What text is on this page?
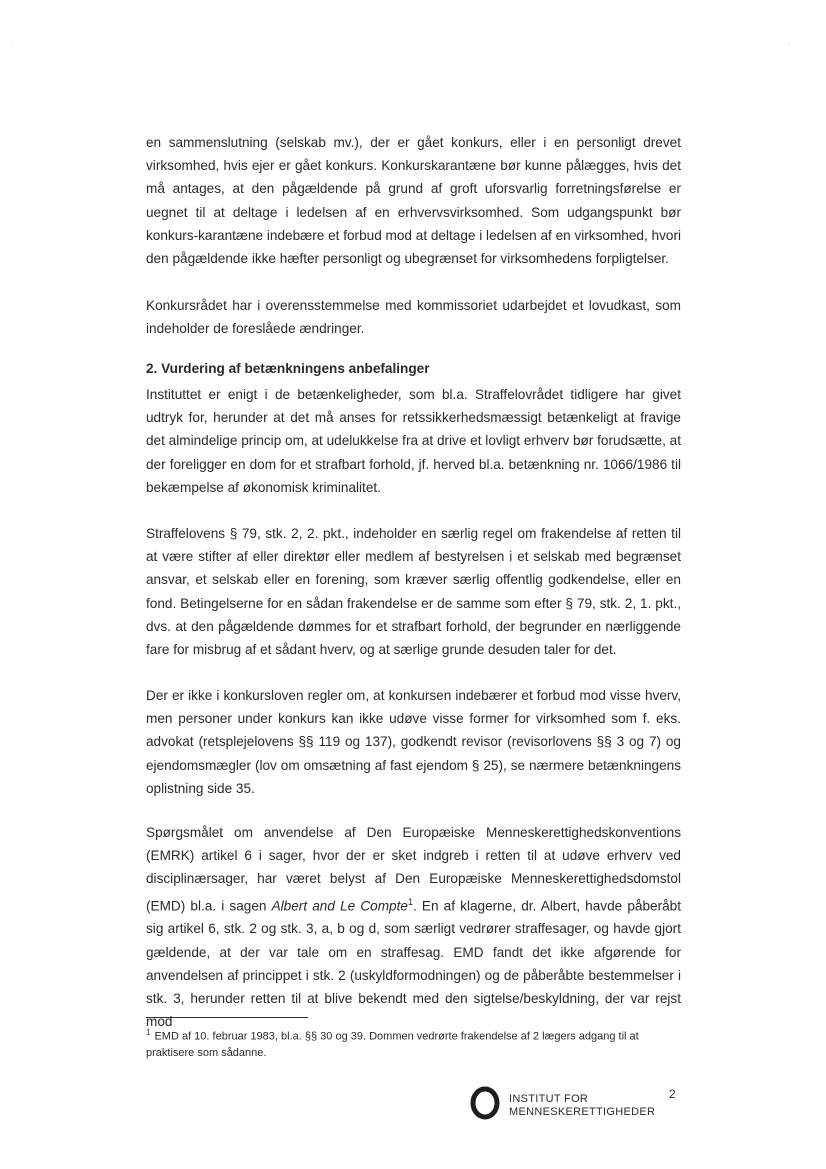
en sammenslutning (selskab mv.), der er gået konkurs, eller i en personligt drevet virksomhed, hvis ejer er gået konkurs. Konkurskarantæne bør kunne pålægges, hvis det må antages, at den pågældende på grund af groft uforsvarlig forretningsførelse er uegnet til at deltage i ledelsen af en erhvervsvirksomhed. Som udgangspunkt bør konkurs-karantæne indebære et forbud mod at deltage i ledelsen af en virksomhed, hvori den pågældende ikke hæfter personligt og ubegrænset for virksomhedens forpligtelser.

Konkursrådet har i overensstemmelse med kommissoriet udarbejdet et lovudkast, som indeholder de foreslåede ændringer.

2. Vurdering af betænkningens anbefalinger

Instituttet er enigt i de betænkeligheder, som bl.a. Straffelovrådet tidligere har givet udtryk for, herunder at det må anses for retssikkerhedsmæssigt betænkeligt at fravige det almindelige princip om, at udelukkelse fra at drive et lovligt erhverv bør forudsætte, at der foreligger en dom for et strafbart forhold, jf. herved bl.a. betænkning nr. 1066/1986 til bekæmpelse af økonomisk kriminalitet.

Straffelovens § 79, stk. 2, 2. pkt., indeholder en særlig regel om frakendelse af retten til at være stifter af eller direktør eller medlem af bestyrelsen i et selskab med begrænset ansvar, et selskab eller en forening, som kræver særlig offentlig godkendelse, eller en fond. Betingelserne for en sådan frakendelse er de samme som efter § 79, stk. 2, 1. pkt., dvs. at den pågældende dømmes for et strafbart forhold, der begrunder en nærliggende fare for misbrug af et sådant hverv, og at særlige grunde desuden taler for det.

Der er ikke i konkursloven regler om, at konkursen indebærer et forbud mod visse hverv, men personer under konkurs kan ikke udøve visse former for virksomhed som f. eks. advokat (retsplejelovens §§ 119 og 137), godkendt revisor (revisorlovens §§ 3 og 7) og ejendomsmægler (lov om omsætning af fast ejendom § 25), se nærmere betænkningens oplistning side 35.

Spørgsmålet om anvendelse af Den Europæiske Menneskerettighedskonventions (EMRK) artikel 6 i sager, hvor der er sket indgreb i retten til at udøve erhverv ved disciplinærsager, har været belyst af Den Europæiske Menneskerettighedsdomstol (EMD) bl.a. i sagen Albert and Le Compte$^1$. En af klagerne, dr. Albert, havde påberåbt sig artikel 6, stk. 2 og stk. 3, a, b og d, som særligt vedrører straffesager, og havde gjort gældende, at der var tale om en straffesag. EMD fandt det ikke afgørende for anvendelsen af princippet i stk. 2 (uskyldformodningen) og de påberåbte bestemmelser i stk. 3, herunder retten til at blive bekendt med den sigtelse/beskyldning, der var rejst mod

$^1$ EMD af 10. februar 1983, bl.a. §§ 30 og 39. Dommen vedrørte frakendelse af 2 lægers adgang til at praktisere som sådanne.
INSTITUT FOR
MENNESKERETTIGHEDER
2
·	·
